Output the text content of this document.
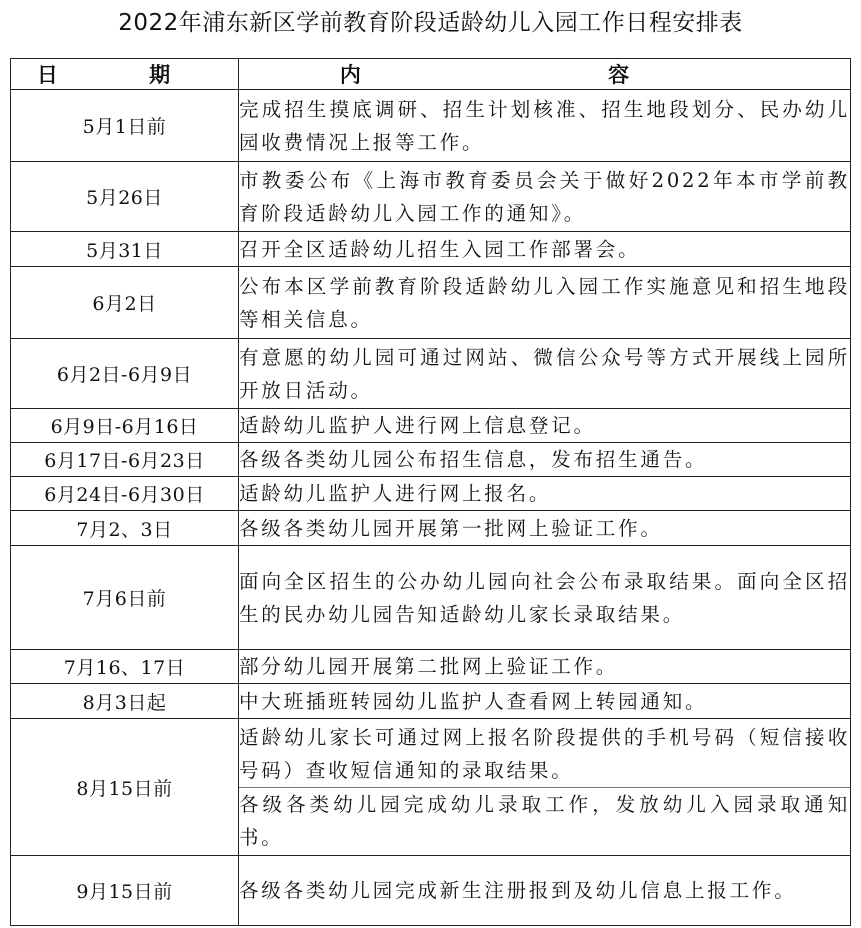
2022年浦东新区学前教育阶段适龄幼儿入园工作日程安排表
日 期	内 容
5月1日前	完成招生摸底调研、招生计划核准、招生地段划分、民办幼儿园收费情况上报等工作。

5月26日	市教委公布《上海市教育委员会关于做好2022年本市学前教育阶段适龄幼儿入园工作的通知》。

5月31日	召开全区适龄幼儿招生入园工作部署会。

6月2日	公布本区学前教育阶段适龄幼儿入园工作实施意见和招生地段等相关信息。

6月2日-6月9日	有意愿的幼儿园可通过网站、微信公众号等方式开展线上园所开放日活动。

6月9日-6月16日	适龄幼儿监护人进行网上信息登记。

6月17日-6月23日	各级各类幼儿园公布招生信息，发布招生通告。

6月24日-6月30日	适龄幼儿监护人进行网上报名。

7月2、3日	各级各类幼儿园开展第一批网上验证工作。

7月6日前	面向全区招生的公办幼儿园向社会公布录取结果。面向全区招生的民办幼儿园告知适龄幼儿家长录取结果。

7月16、17日	部分幼儿园开展第二批网上验证工作。

8月3日起	中大班插班转园幼儿监护人查看网上转园通知。

8月15日前	适龄幼儿家长可通过网上报名阶段提供的手机号码（短信接收号码）查收短信通知的录取结果。
各级各类幼儿园完成幼儿录取工作，发放幼儿入园录取通知书。

9月15日前	各级各类幼儿园完成新生注册报到及幼儿信息上报工作。
